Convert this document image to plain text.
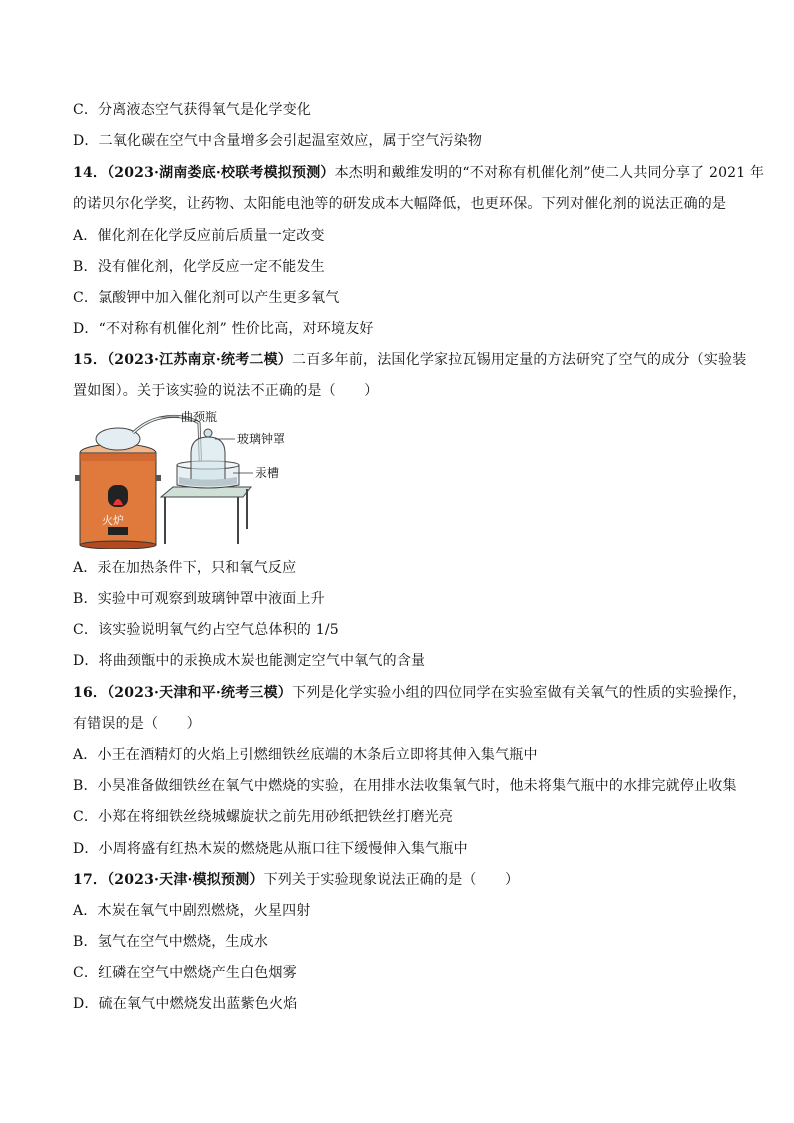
C．分离液态空气获得氧气是化学变化
D．二氧化碳在空气中含量增多会引起温室效应，属于空气污染物
14．（2023·湖南娄底·校联考模拟预测）本杰明和戴维发明的“不对称有机催化剂”使二人共同分享了 2021 年
的诺贝尔化学奖，让药物、太阳能电池等的研发成本大幅降低，也更环保。下列对催化剂的说法正确的是
A．催化剂在化学反应前后质量一定改变
B．没有催化剂，化学反应一定不能发生
C．氯酸钾中加入催化剂可以产生更多氧气
D．“不对称有机催化剂” 性价比高，对环境友好
15．（2023·江苏南京·统考二模）二百多年前，法国化学家拉瓦锡用定量的方法研究了空气的成分（实验装
置如图）。关于该实验的说法不正确的是（　　）
火炉
曲颈瓶
玻璃钟罩
汞槽
A．汞在加热条件下，只和氧气反应
B．实验中可观察到玻璃钟罩中液面上升
C．该实验说明氧气约占空气总体积的 1/5
D．将曲颈甑中的汞换成木炭也能测定空气中氧气的含量
16．（2023·天津和平·统考三模）下列是化学实验小组的四位同学在实验室做有关氧气的性质的实验操作，
有错误的是（　　）
A．小王在酒精灯的火焰上引燃细铁丝底端的木条后立即将其伸入集气瓶中
B．小昊准备做细铁丝在氧气中燃烧的实验，在用排水法收集氧气时，他未将集气瓶中的水排完就停止收集
C．小郑在将细铁丝绕城螺旋状之前先用砂纸把铁丝打磨光亮
D．小周将盛有红热木炭的燃烧匙从瓶口往下缓慢伸入集气瓶中
17．（2023·天津·模拟预测）下列关于实验现象说法正确的是（　　）
A．木炭在氧气中剧烈燃烧，火星四射
B．氢气在空气中燃烧，生成水
C．红磷在空气中燃烧产生白色烟雾
D．硫在氧气中燃烧发出蓝紫色火焰
